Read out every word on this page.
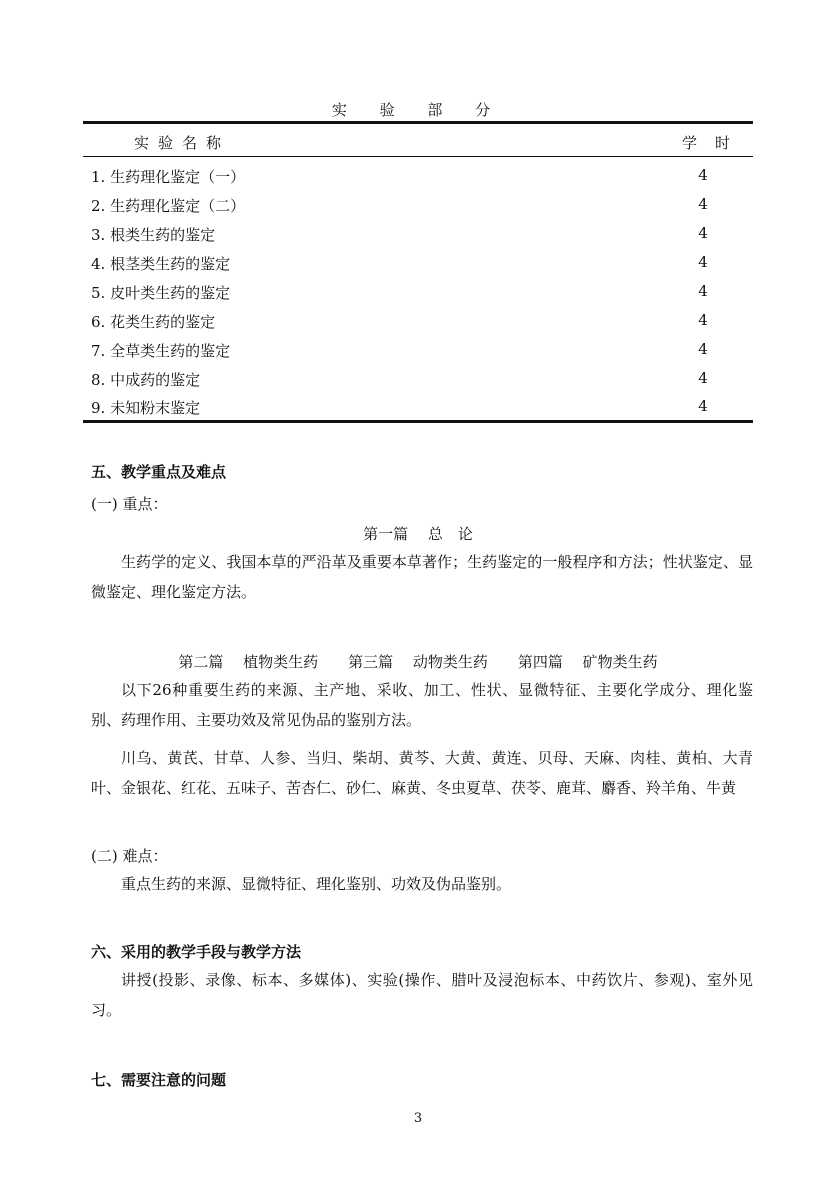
实 验 部 分
实验名称	学时
1. 生药理化鉴定（一）	4
2. 生药理化鉴定（二）	4
3. 根类生药的鉴定	4
4. 根茎类生药的鉴定	4
5. 皮叶类生药的鉴定	4
6. 花类生药的鉴定	4
7. 全草类生药的鉴定	4
8. 中成药的鉴定	4
9. 未知粉末鉴定	4
五、教学重点及难点
(一) 重点：
第一篇　 总　论
生药学的定义、我国本草的严沿革及重要本草著作；生药鉴定的一般程序和方法；性状鉴定、显微鉴定、理化鉴定方法。
第二篇　 植物类生药　　第三篇　 动物类生药　　第四篇　 矿物类生药
以下26种重要生药的来源、主产地、采收、加工、性状、显微特征、主要化学成分、理化鉴别、药理作用、主要功效及常见伪品的鉴别方法。
川乌、黄芪、甘草、人参、当归、柴胡、黄芩、大黄、黄连、贝母、天麻、肉桂、黄柏、大青叶、金银花、红花、五味子、苦杏仁、砂仁、麻黄、冬虫夏草、茯苓、鹿茸、麝香、羚羊角、牛黄
(二) 难点：
重点生药的来源、显微特征、理化鉴别、功效及伪品鉴别。
六、采用的教学手段与教学方法
讲授(投影、录像、标本、多媒体)、实验(操作、腊叶及浸泡标本、中药饮片、参观)、室外见习。
七、需要注意的问题
3
